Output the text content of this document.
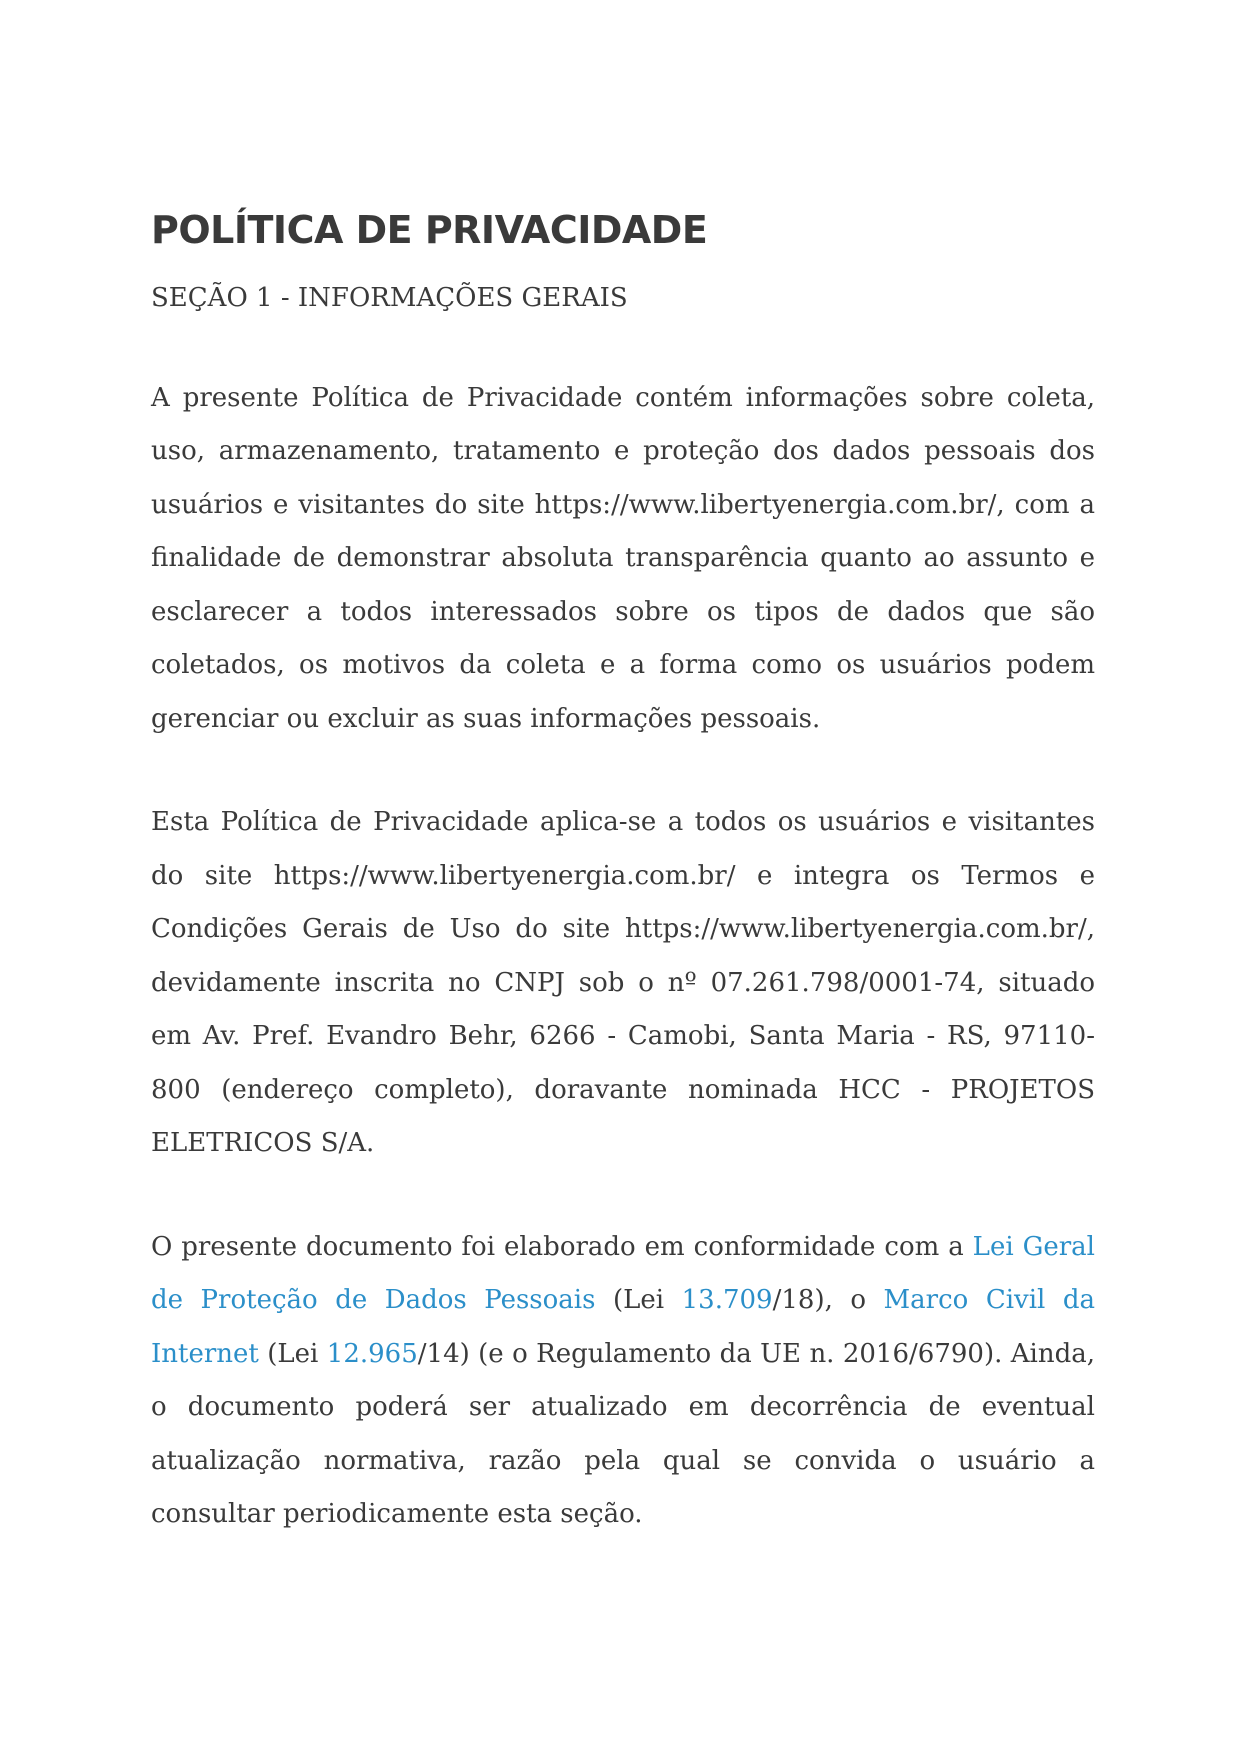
POLÍTICA DE PRIVACIDADE
SEÇÃO 1 - INFORMAÇÕES GERAIS

A presente Política de Privacidade contém informações sobre coleta, uso, armazenamento, tratamento e proteção dos dados pessoais dos usuários e visitantes do site https://www.libertyenergia.com.br/, com a finalidade de demonstrar absoluta transparência quanto ao assunto e esclarecer a todos interessados sobre os tipos de dados que são coletados, os motivos da coleta e a forma como os usuários podem gerenciar ou excluir as suas informações pessoais.

Esta Política de Privacidade aplica-se a todos os usuários e visitantes do site https://www.libertyenergia.com.br/ e integra os Termos e Condições Gerais de Uso do site https://www.libertyenergia.com.br/, devidamente inscrita no CNPJ sob o nº 07.261.798/0001-74, situado em Av. Pref. Evandro Behr, 6266 - Camobi, Santa Maria - RS, 97110-800 (endereço completo), doravante nominada HCC - PROJETOS ELETRICOS S/A.

O presente documento foi elaborado em conformidade com a Lei Geral de Proteção de Dados Pessoais (Lei 13.709/18), o Marco Civil da Internet (Lei 12.965/14) (e o Regulamento da UE n. 2016/6790). Ainda, o documento poderá ser atualizado em decorrência de eventual atualização normativa, razão pela qual se convida o usuário a consultar periodicamente esta seção.
